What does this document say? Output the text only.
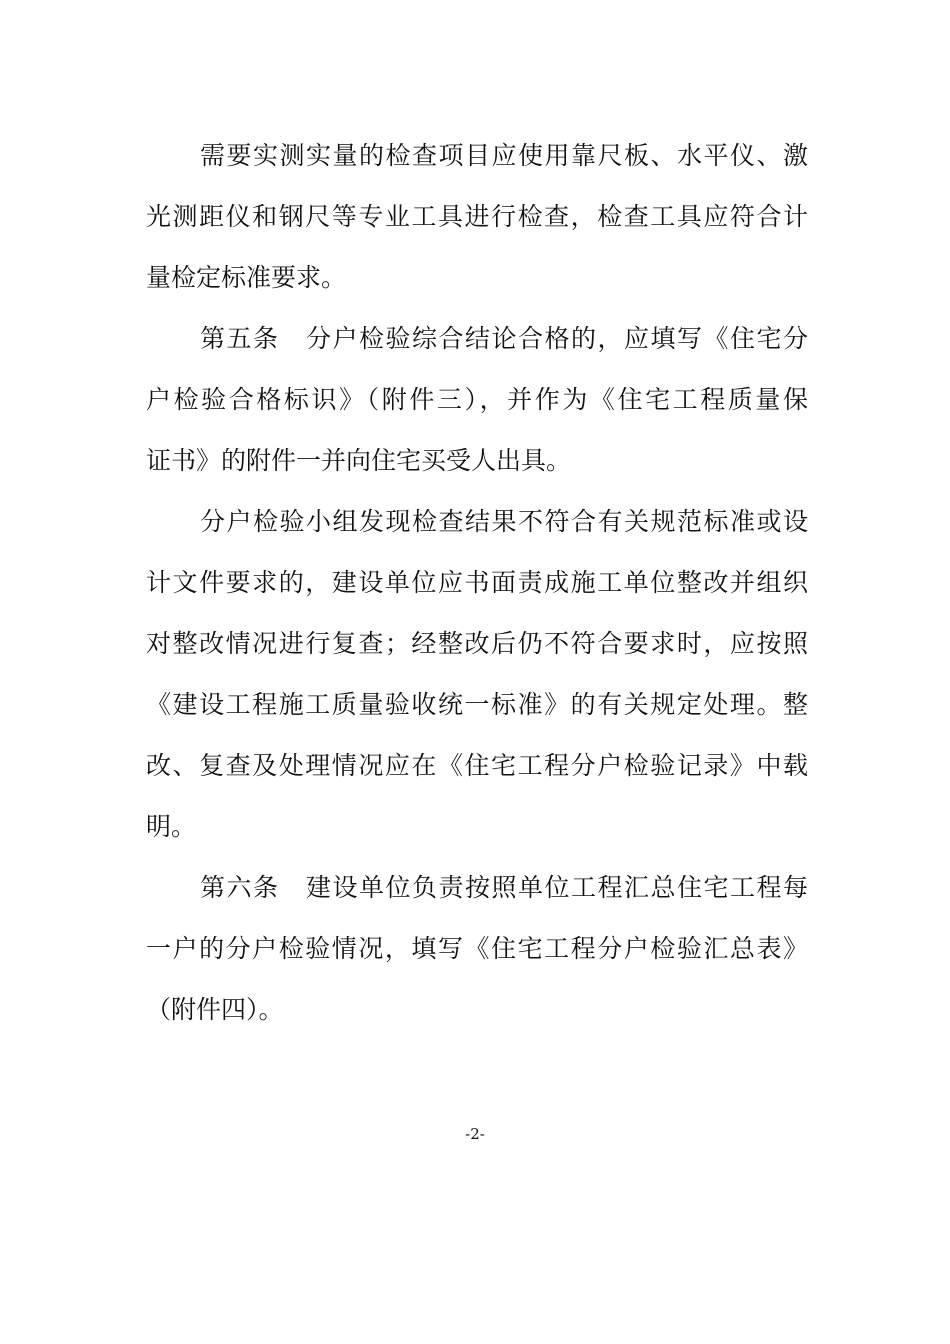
需要实测实量的检查项目应使用靠尺板、水平仪、激
光测距仪和钢尺等专业工具进行检查，检查工具应符合计
量检定标准要求。
第五条　分户检验综合结论合格的，应填写《住宅分
户检验合格标识》（附件三），并作为《住宅工程质量保
证书》的附件一并向住宅买受人出具。
分户检验小组发现检查结果不符合有关规范标准或设
计文件要求的，建设单位应书面责成施工单位整改并组织
对整改情况进行复查；经整改后仍不符合要求时，应按照
《建设工程施工质量验收统一标准》的有关规定处理。整
改、复查及处理情况应在《住宅工程分户检验记录》中载
明。
第六条　建设单位负责按照单位工程汇总住宅工程每
一户的分户检验情况，填写《住宅工程分户检验汇总表》
（附件四）。
-2-
